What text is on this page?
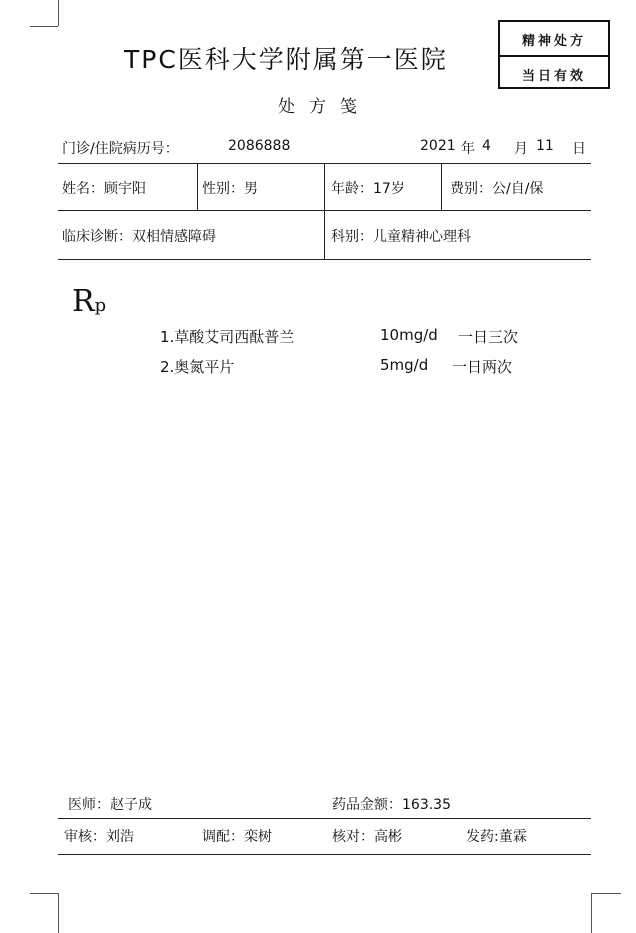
TPC医科大学附属第一医院
处方笺
精神处方
当日有效
门诊/住院病历号：	2086888	2021 年 4 月 11 日
姓名：顾宇阳	性别：男	年龄：17岁	费别：公/自/保
临床诊断：双相情感障碍	科别：儿童精神心理科
Rp
1.草酸艾司西酞普兰	10mg/d 一日三次
2.奥氮平片	5mg/d 一日两次
医师：赵子成	药品金额：163.35
审核：刘浩	调配：栾树	核对：高彬	发药:董霖
